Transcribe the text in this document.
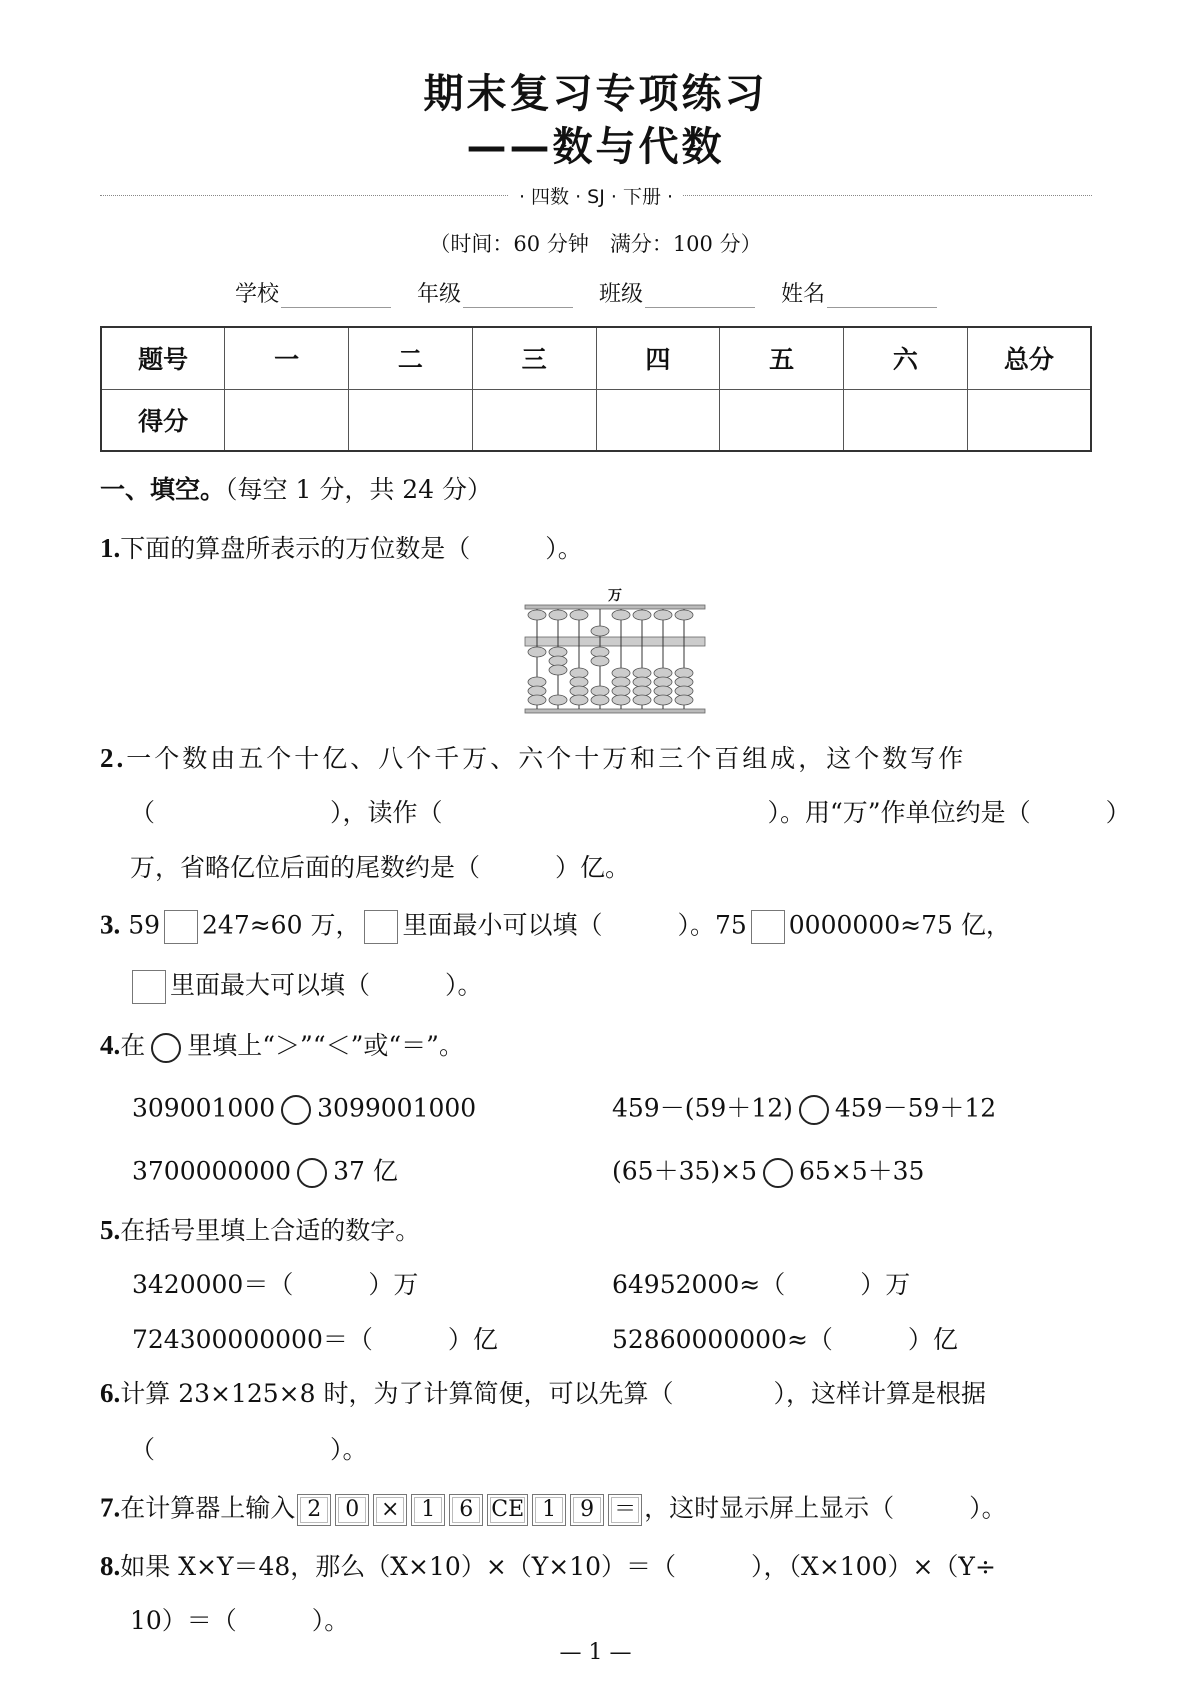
期末复习专项练习
——数与代数
· 四数 · SJ · 下册 ·
（时间：60 分钟　满分：100 分）
学校	年级	班级	姓名
题号	一	二	三	四	五	六	总分
得分							
一、填空。（每空 1 分，共 24 分）
1.下面的算盘所表示的万位数是（　　　）。
万
2.一个数由五个十亿、八个千万、六个十万和三个百组成，这个数写作
（　　　　　　　），读作（　　　　　　　　　　　　　）。用“万”作单位约是（　　　）
万，省略亿位后面的尾数约是（　　　）亿。
3. 59 247≈60 万， 里面最小可以填（　　　）。75 0000000≈75 亿，
里面最大可以填（　　　）。
4.在 里填上“＞”“＜”或“＝”。
309001000 3099001000	459－(59＋12) 459－59＋12
3700000000 37 亿	(65＋35)×5 65×5＋35
5.在括号里填上合适的数字。
3420000＝（　　　）万	64952000≈（　　　）万
724300000000＝（　　　）亿	52860000000≈（　　　）亿
6.计算 23×125×8 时，为了计算简便，可以先算（　　　　），这样计算是根据
（　　　　　　　）。
7.在计算器上输入 2 0 × 1 6 CE 1 9 ＝ ，这时显示屏上显示（　　　）。
8.如果 X×Y＝48，那么（X×10）×（Y×10）＝（　　　），（X×100）×（Y÷
10）＝（　　　）。
— 1 —
